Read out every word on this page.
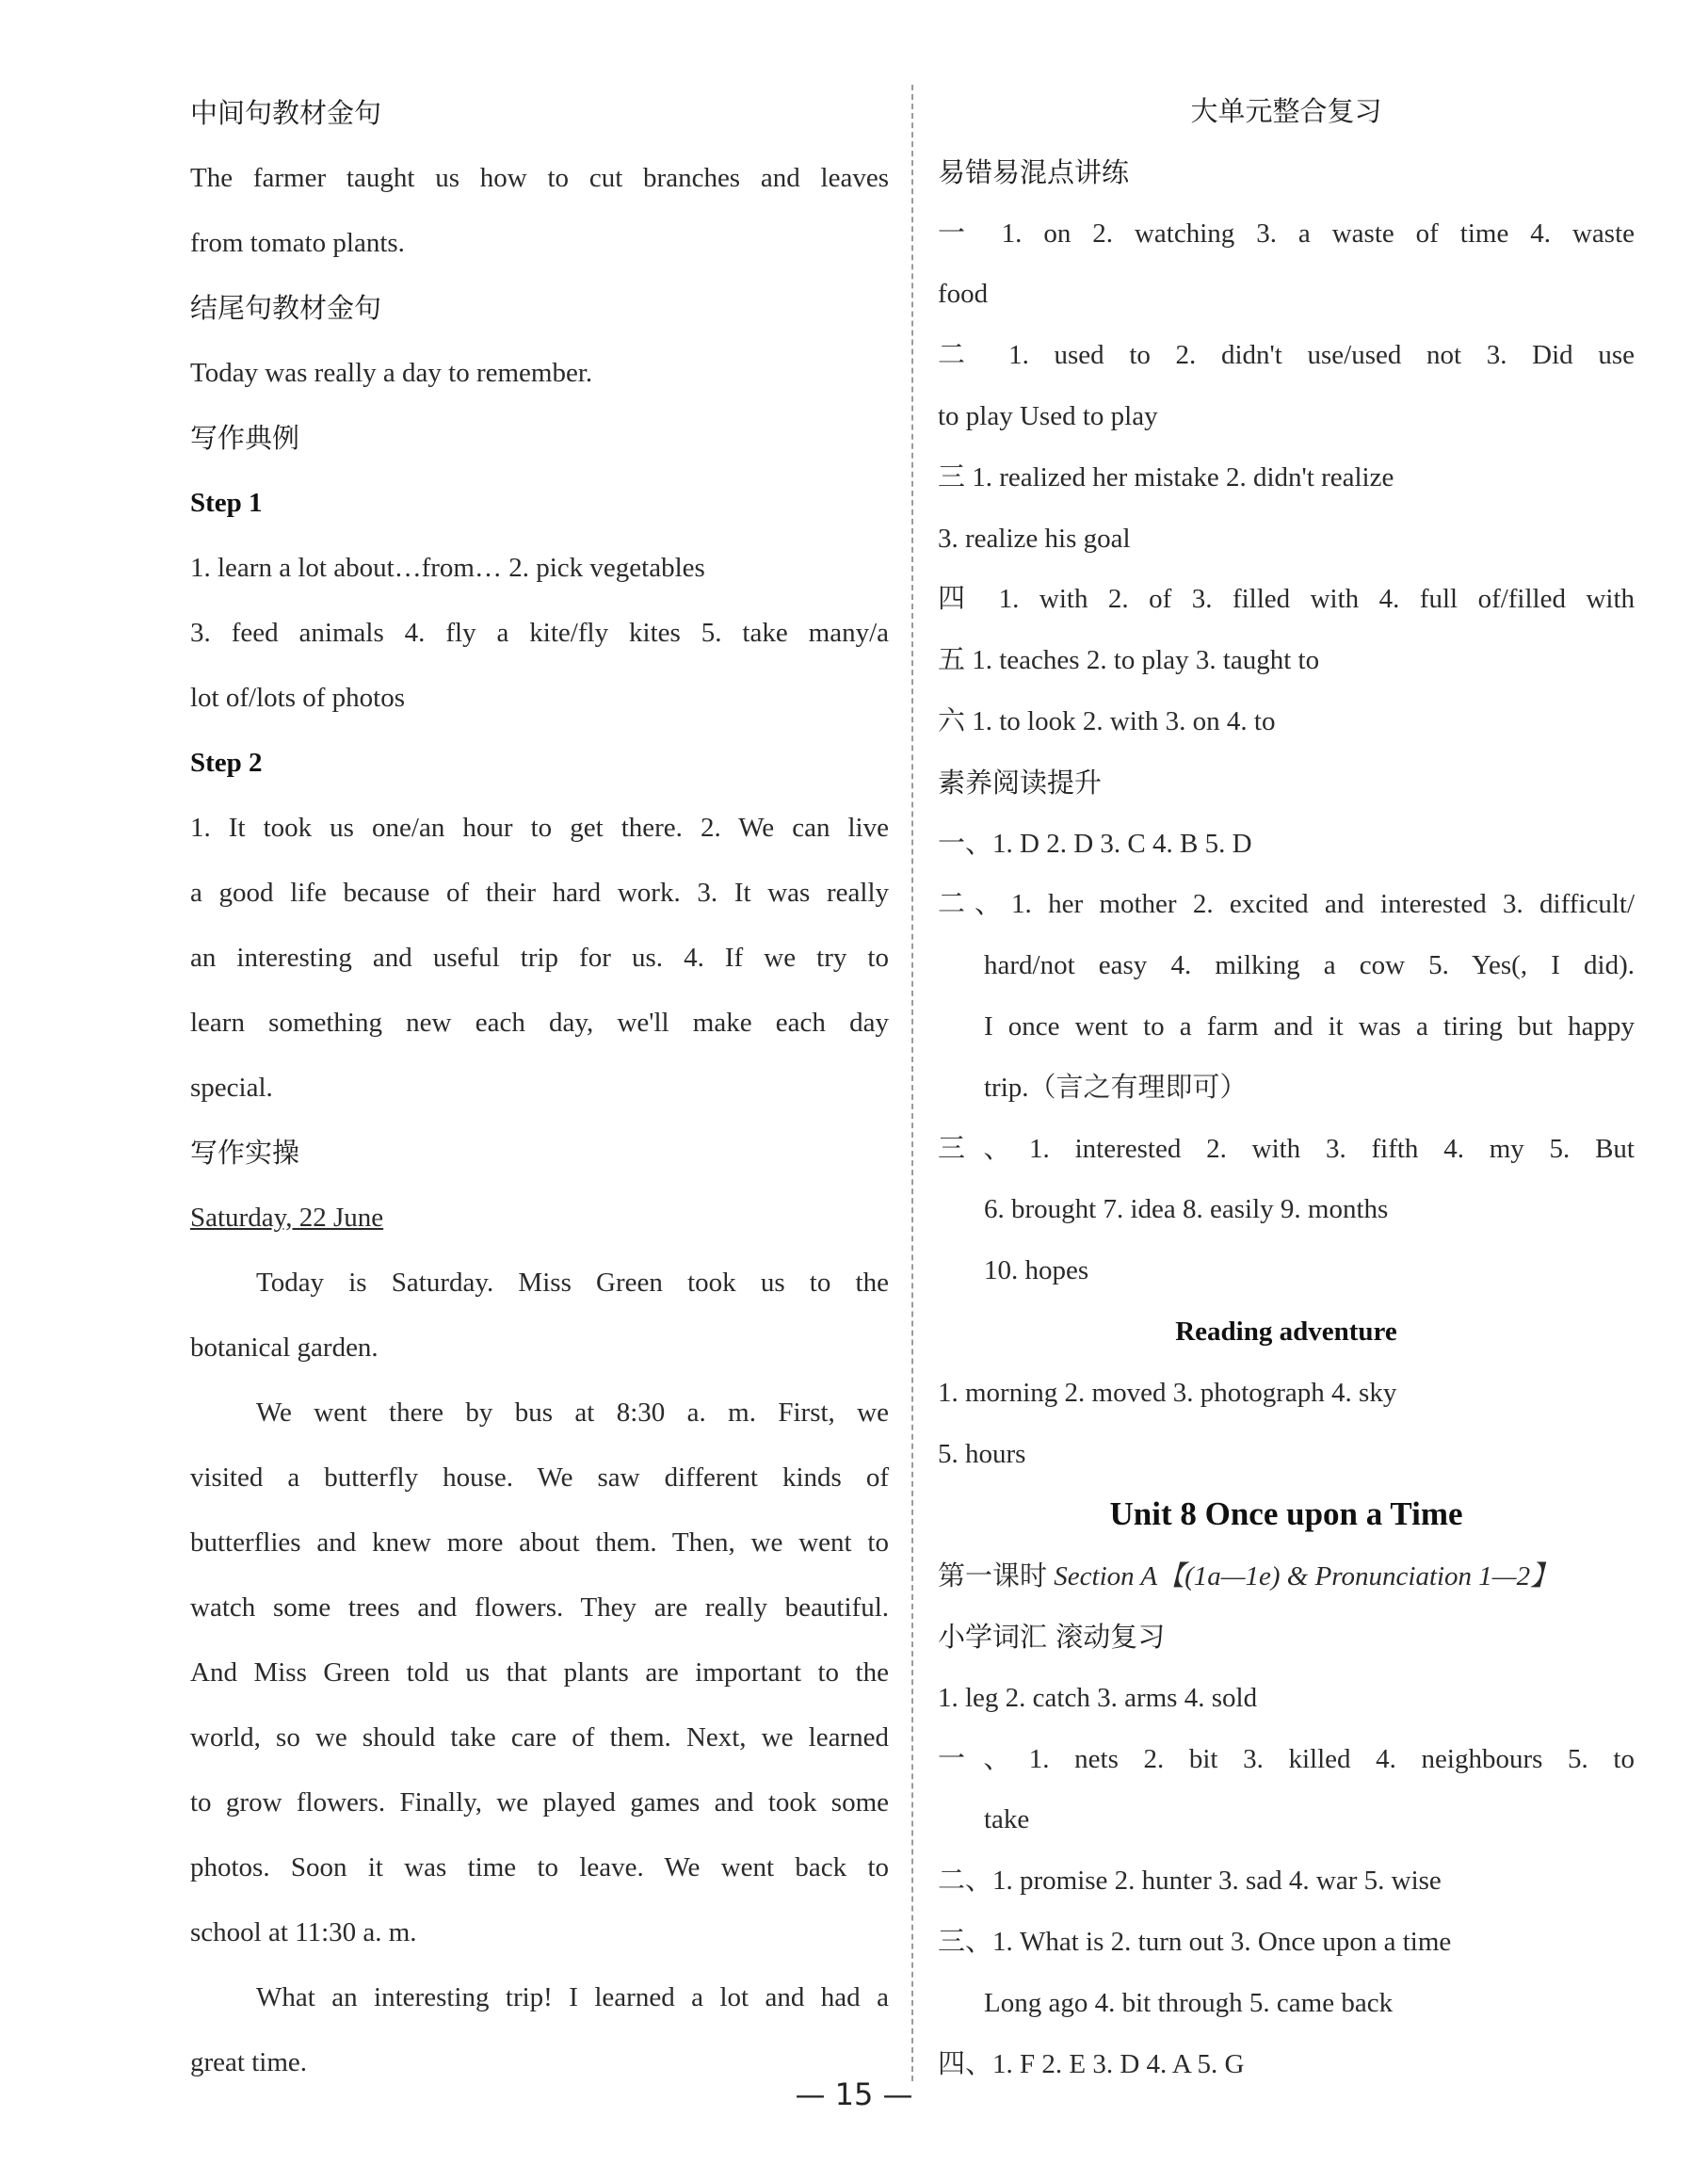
中间句教材金句
The farmer taught us how to cut branches and leaves
from tomato plants.
结尾句教材金句
Today was really a day to remember.
写作典例
Step 1
1. learn a lot about…from… 2. pick vegetables
3. feed animals 4. fly a kite/fly kites 5. take many/a
lot of/lots of photos
Step 2
1. It took us one/an hour to get there. 2. We can live
a good life because of their hard work. 3. It was really
an interesting and useful trip for us. 4. If we try to
learn something new each day, we'll make each day
special.
写作实操
Saturday, 22 June
Today is Saturday. Miss Green took us to the
botanical garden.
We went there by bus at 8:30 a. m. First, we
visited a butterfly house. We saw different kinds of
butterflies and knew more about them. Then, we went to
watch some trees and flowers. They are really beautiful.
And Miss Green told us that plants are important to the
world, so we should take care of them. Next, we learned
to grow flowers. Finally, we played games and took some
photos. Soon it was time to leave. We went back to
school at 11:30 a. m.
What an interesting trip! I learned a lot and had a
great time.
大单元整合复习
易错易混点讲练
一 1. on 2. watching 3. a waste of time 4. waste
food
二 1. used to 2. didn't use/used not 3. Did use
to play Used to play
三 1. realized her mistake 2. didn't realize
3. realize his goal
四 1. with 2. of 3. filled with 4. full of/filled with
五 1. teaches 2. to play 3. taught to
六 1. to look 2. with 3. on 4. to
素养阅读提升
一、1. D 2. D 3. C 4. B 5. D
二、1. her mother 2. excited and interested 3. difficult/
hard/not easy 4. milking a cow 5. Yes(, I did).
I once went to a farm and it was a tiring but happy
trip.（言之有理即可）
三、1. interested 2. with 3. fifth 4. my 5. But
6. brought 7. idea 8. easily 9. months
10. hopes
Reading adventure
1. morning 2. moved 3. photograph 4. sky
5. hours
Unit 8 Once upon a Time
第一课时 Section A【(1a—1e) & Pronunciation 1—2】
小学词汇 滚动复习
1. leg 2. catch 3. arms 4. sold
一、1. nets 2. bit 3. killed 4. neighbours 5. to
take
二、1. promise 2. hunter 3. sad 4. war 5. wise
三、1. What is 2. turn out 3. Once upon a time
Long ago 4. bit through 5. came back
四、1. F 2. E 3. D 4. A 5. G
— 15 —
